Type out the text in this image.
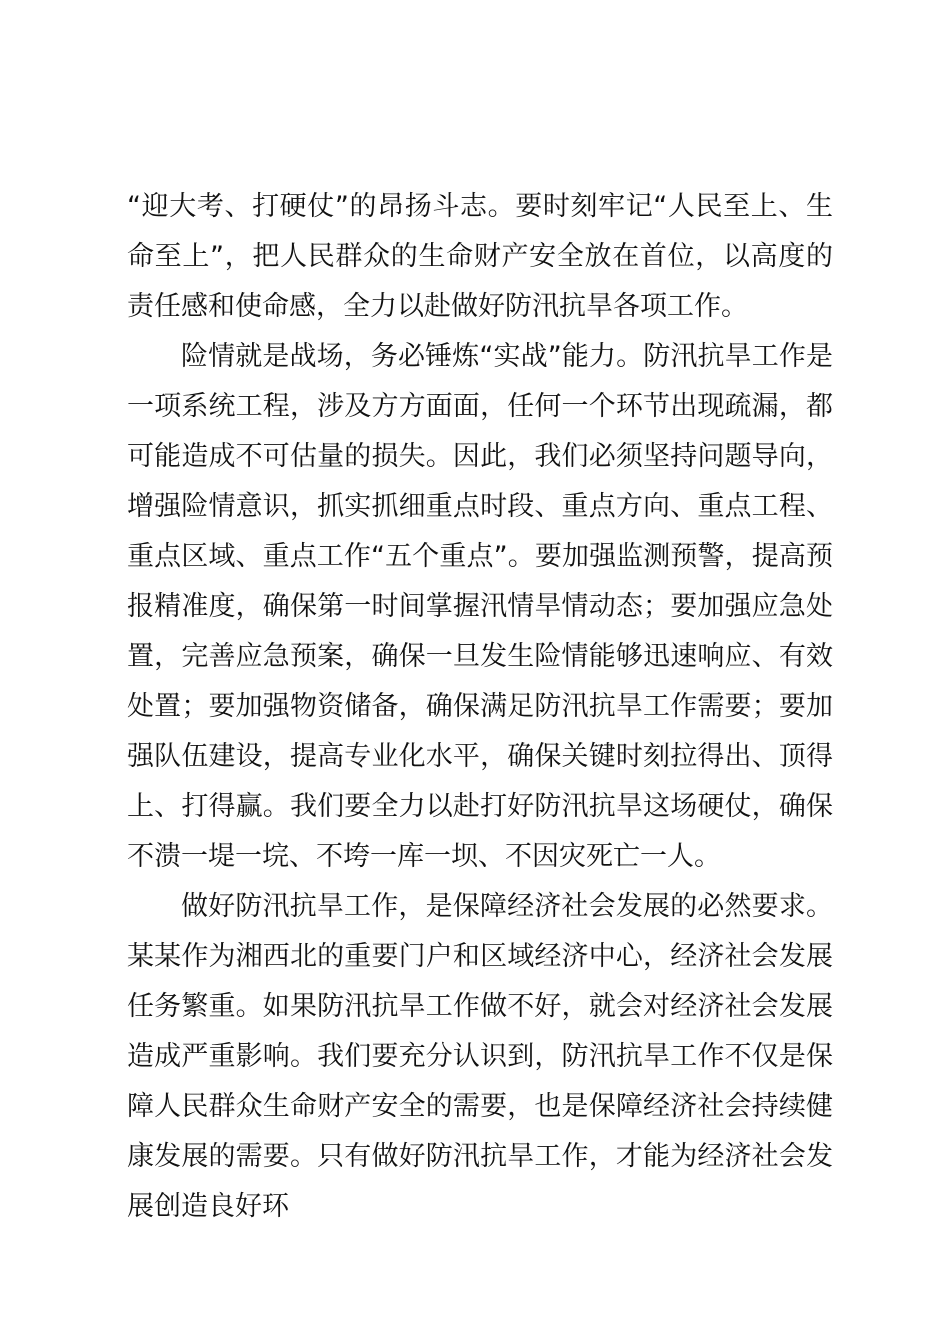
“迎大考、打硬仗”的昂扬斗志。要时刻牢记“人民至上、生命至上”，把人民群众的生命财产安全放在首位，以高度的责任感和使命感，全力以赴做好防汛抗旱各项工作。

险情就是战场，务必锤炼“实战”能力。防汛抗旱工作是一项系统工程，涉及方方面面，任何一个环节出现疏漏，都可能造成不可估量的损失。因此，我们必须坚持问题导向，增强险情意识，抓实抓细重点时段、重点方向、重点工程、重点区域、重点工作“五个重点”。要加强监测预警，提高预报精准度，确保第一时间掌握汛情旱情动态；要加强应急处置，完善应急预案，确保一旦发生险情能够迅速响应、有效处置；要加强物资储备，确保满足防汛抗旱工作需要；要加强队伍建设，提高专业化水平，确保关键时刻拉得出、顶得上、打得赢。我们要全力以赴打好防汛抗旱这场硬仗，确保不溃一堤一垸、不垮一库一坝、不因灾死亡一人。

做好防汛抗旱工作，是保障经济社会发展的必然要求。某某作为湘西北的重要门户和区域经济中心，经济社会发展任务繁重。如果防汛抗旱工作做不好，就会对经济社会发展造成严重影响。我们要充分认识到，防汛抗旱工作不仅是保障人民群众生命财产安全的需要，也是保障经济社会持续健康发展的需要。只有做好防汛抗旱工作，才能为经济社会发展创造良好环
